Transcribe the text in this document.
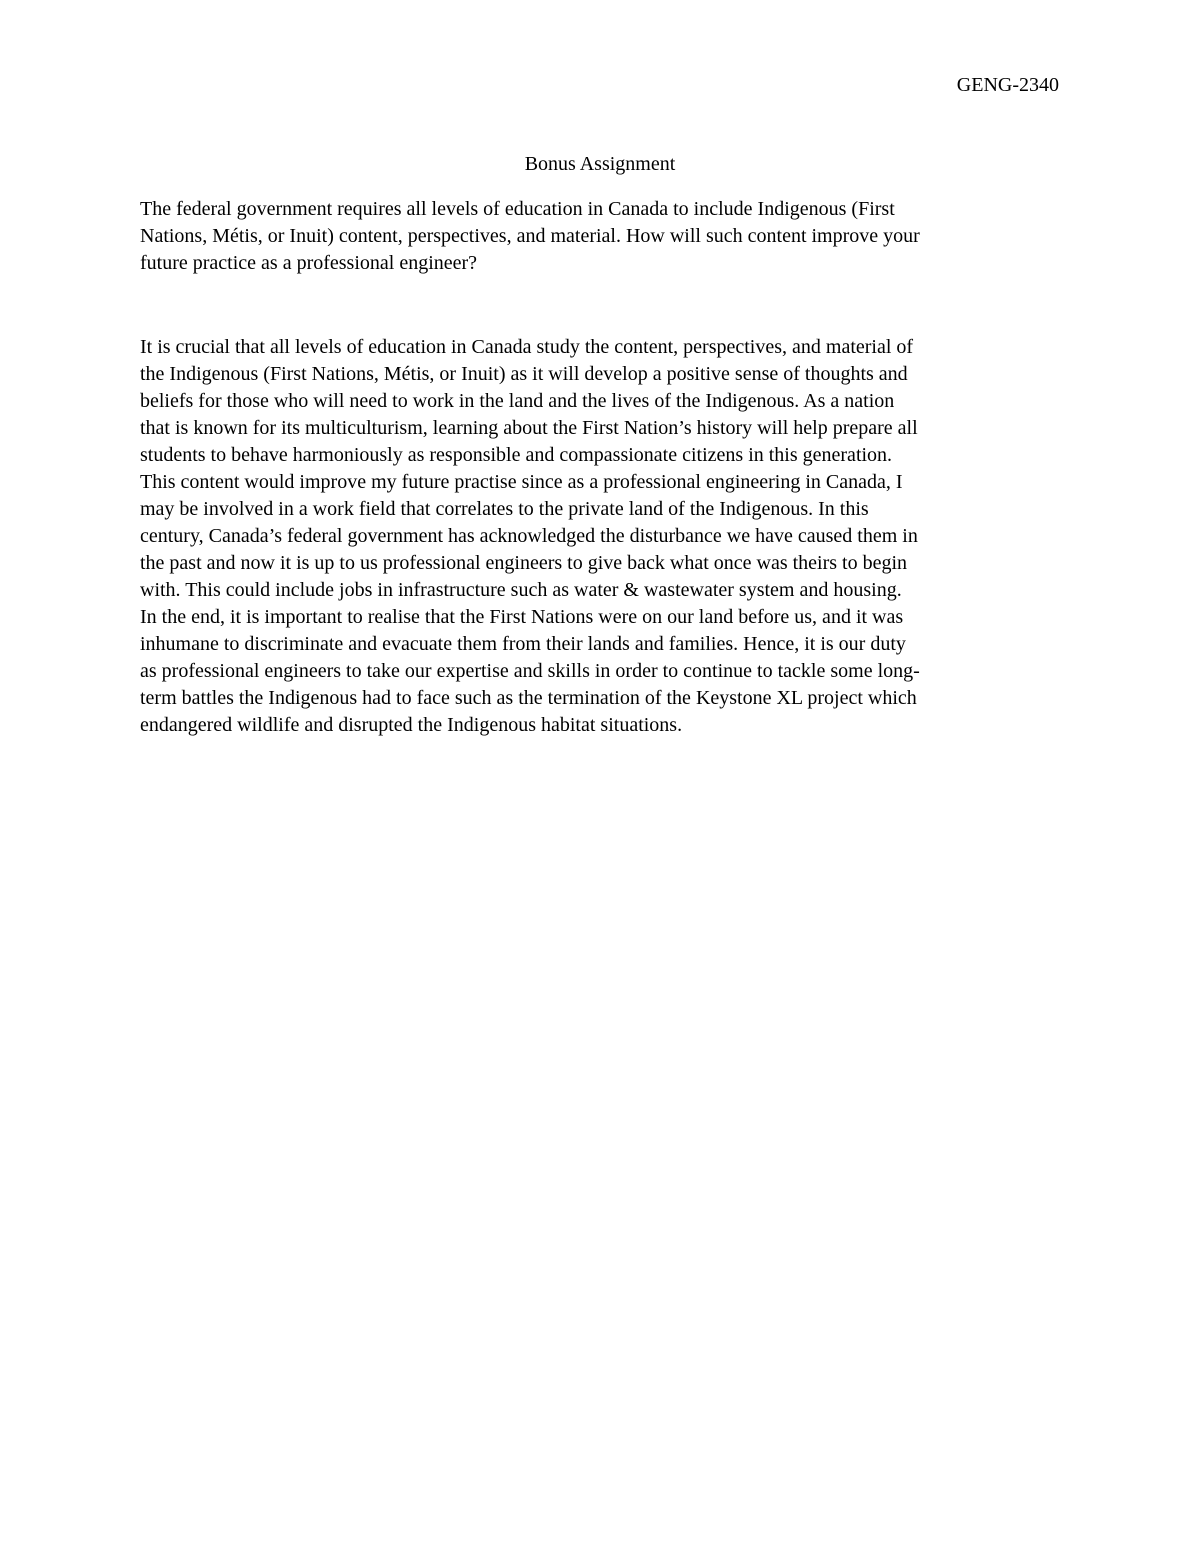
GENG-2340
Bonus Assignment

The federal government requires all levels of education in Canada to include Indigenous (First
Nations, Métis, or Inuit) content, perspectives, and material. How will such content improve your
future practice as a professional engineer?

It is crucial that all levels of education in Canada study the content, perspectives, and material of
the Indigenous (First Nations, Métis, or Inuit) as it will develop a positive sense of thoughts and
beliefs for those who will need to work in the land and the lives of the Indigenous. As a nation
that is known for its multiculturism, learning about the First Nation’s history will help prepare all
students to behave harmoniously as responsible and compassionate citizens in this generation.
This content would improve my future practise since as a professional engineering in Canada, I
may be involved in a work field that correlates to the private land of the Indigenous. In this
century, Canada’s federal government has acknowledged the disturbance we have caused them in
the past and now it is up to us professional engineers to give back what once was theirs to begin
with. This could include jobs in infrastructure such as water & wastewater system and housing.
In the end, it is important to realise that the First Nations were on our land before us, and it was
inhumane to discriminate and evacuate them from their lands and families. Hence, it is our duty
as professional engineers to take our expertise and skills in order to continue to tackle some long-
term battles the Indigenous had to face such as the termination of the Keystone XL project which
endangered wildlife and disrupted the Indigenous habitat situations.
